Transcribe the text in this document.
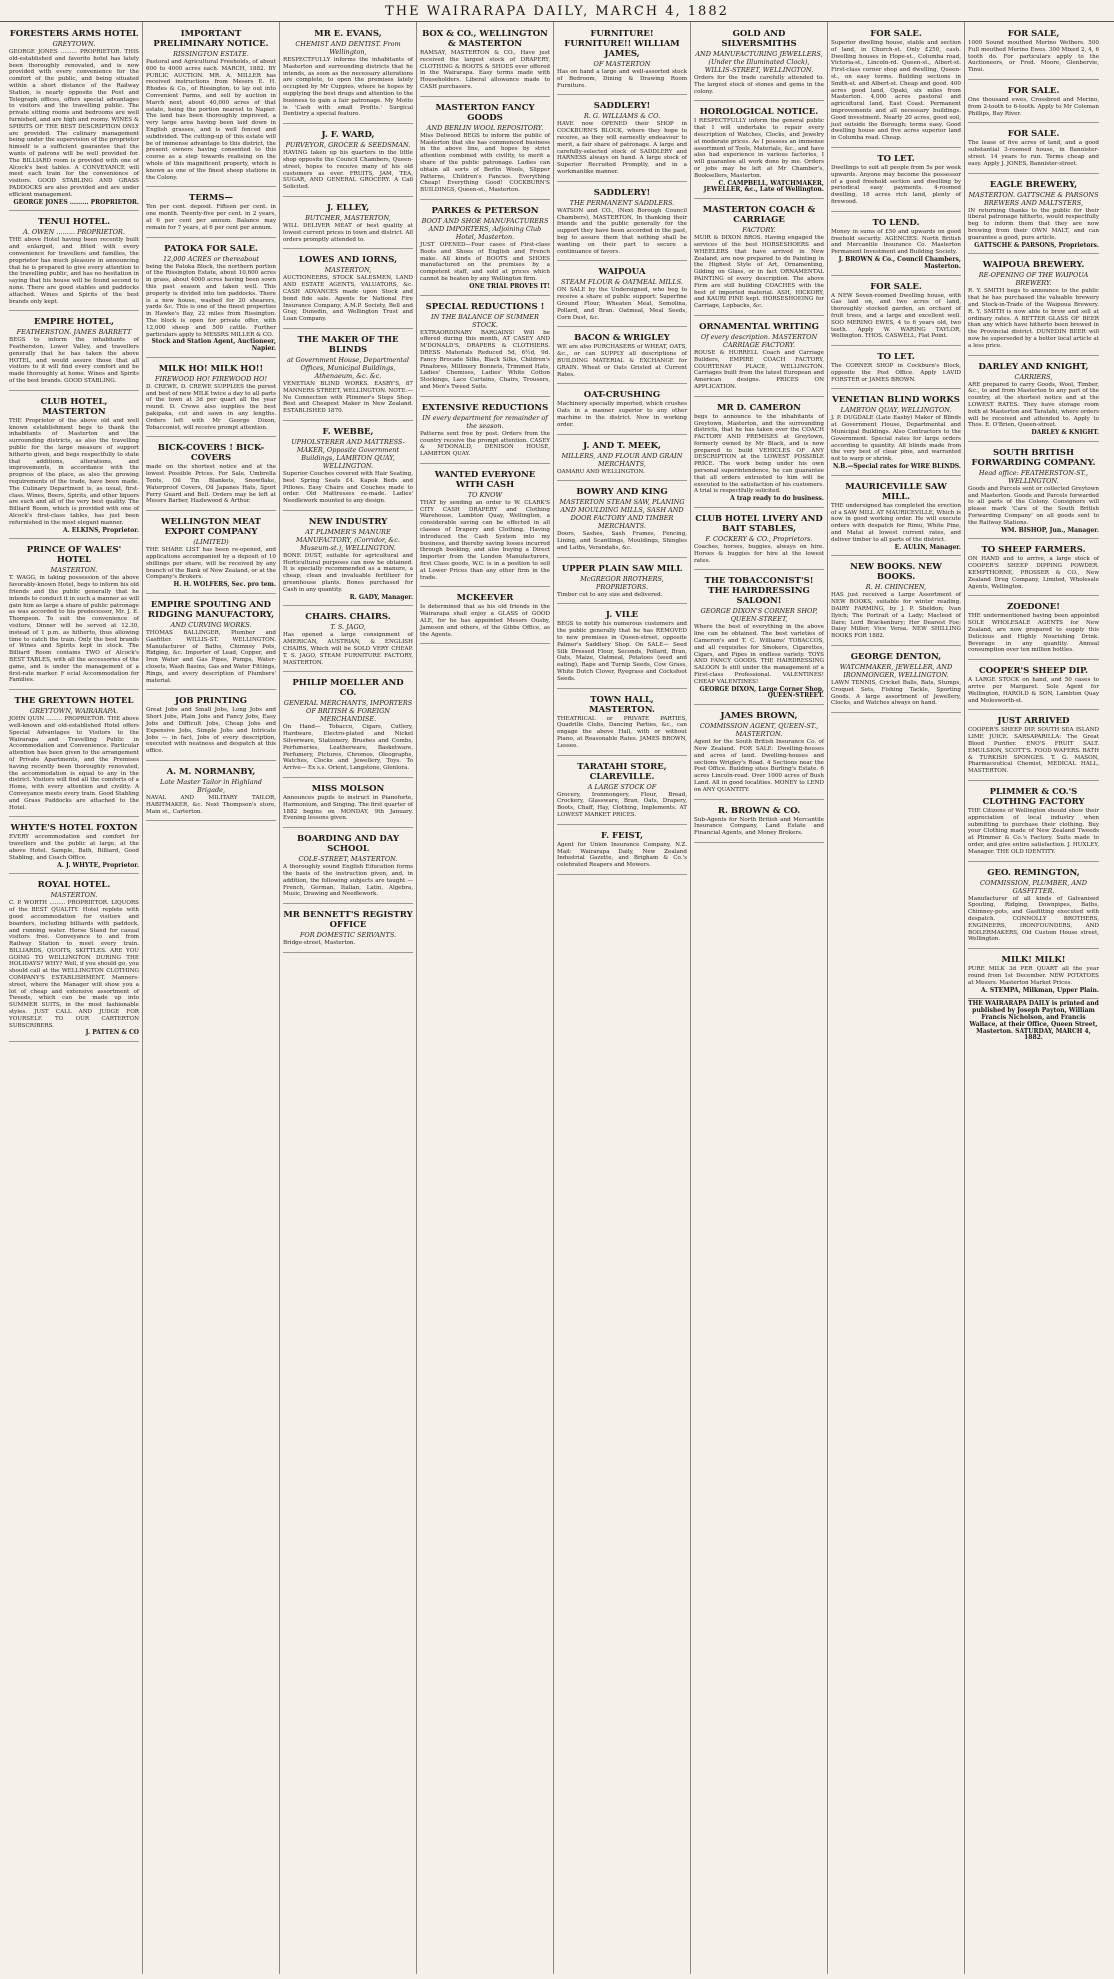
THE WAIRARAPA DAILY, MARCH 4, 1882
FORESTERS ARMS HOTEL
GREYTOWN.
GEORGE JONES ......... PROPRIETOR. THIS old-established and favorite hotel has lately been thoroughly renovated, and is now provided with every convenience for the comfort of the public, and being situated within a short distance of the Railway Station, is nearly opposite the Post and Telegraph offices, offers special advantages to visitors and the travelling public. The private sitting rooms and bedrooms are well furnished, and are high and roomy. WINES & SPIRITS OF THE BEST DESCRIPTION ONLY are provided. The culinary management being under the supervision of the proprietor himself is a sufficient guarantee that the wants of patrons will be well provided for. The BILLIARD room is provided with one of Alcock's best tables. A CONVEYANCE will meet each train for the convenience of visitors. GOOD STABLING AND GRASS PADDOCKS are also provided and are under efficient management.
GEORGE JONES ......... PROPRIETOR.
TENUI HOTEL.
A. OWEN ......... PROPRIETOR.
THE above Hotel having been recently built and enlarged, and fitted with every convenience for travellers and families, the proprietor has much pleasure in announcing that he is prepared to give every attention to the travelling public, and has no hesitation in saying that his house will be found second to none. There are good stables and paddocks attached. Wines and Spirits of the best brands only kept.
EMPIRE HOTEL,
FEATHERSTON. JAMES BARRETT
BEGS to inform the inhabitants of Featherston, Lower Valley, and travellers generally that he has taken the above HOTEL, and would assure those that all visitors to it will find every comfort and be made thoroughly at home. Wines and Spirits of the best brands. GOOD STABLING.
CLUB HOTEL, MASTERTON
THE Proprietor of the above old and well known establishment begs to thank the inhabitants of Masterton and the surrounding districts, as also the travelling public for the large measure of support hitherto given, and begs respectfully to state that additions, alterations, and improvements, in accordance with the progress of the place, as also the growing requirements of the trade, have been made. The Culinary Department is, as usual, first-class. Wines, Beers, Spirits, and other liquors are such and all of the very best quality. The Billiard Room, which is provided with one of Alcock's first-class tables, has just been refurnished in the most elegant manner.
A. ELKINS, Proprietor.
PRINCE OF WALES' HOTEL
MASTERTON.
T. WAGG, in taking possession of the above favorably-known Hotel, begs to inform his old friends and the public generally that he intends to conduct it in such a manner as will gain him as large a share of public patronage as was accorded to his predecessor, Mr. J. E. Thompson. To suit the convenience of visitors, Dinner will be served at 12.30, instead of 1 p.m. as hitherto, thus allowing time to catch the train. Only the best brands of Wines and Spirits kept in stock. The Billiard Room contains TWO of Alcock's BEST TABLES, with all the accessories of the game, and is under the management of a first-rate marker. F ecial Accommodation for Families.
THE GREYTOWN HOTEL
GREYTOWN, WAIRARAPA.
JOHN QUIN ......... PROPRIETOR. THE above well-known and old-established Hotel offers Special Advantages to Visitors to the Wairarapa and Travelling Public in Accommodation and Convenience. Particular attention has been given to the arrangement of Private Apartments, and the Premises having recently been thoroughly renovated, the accommodation is equal to any in the district. Visitors will find all the comforts of a Home, with every attention and civility. A Conveyance meets every train. Good Stabling and Grass Paddocks are attached to the Hotel.
WHYTE'S HOTEL FOXTON
EVERY accommodation and comfort for travellers and the public at large, at the above Hotel. Sample, Bath, Billiard, Good Stabling, and Coach Office.
A. J. WHYTE, Proprietor.
ROYAL HOTEL.
MASTERTON.
C. P. WORTH ......... PROPRIETOR. LIQUORS of the BEST QUALITY. Hotel replete with good accommodation for visitors and boarders, including billiards with paddock, and running water. Horse Stand for casual visitors free. Conveyance to and from Railway Station to meet every train. BILLIARDS, QUOITS, SKITTLES. ARE YOU GOING TO WELLINGTON DURING THE HOLIDAYS? WHY? Well, if you should go, you should call at the WELLINGTON CLOTHING COMPANY'S ESTABLISHMENT. Manners-street, where the Manager will show you a lot of cheap and extensive assortment of Tweeds, which can be made up into SUMMER SUITS, in the most fashionable styles. JUST CALL AND JUDGE FOR YOURSELF. TO OUR CARTERTON SUBSCRIBERS.
J. PATTEN & CO
IMPORTANT PRELIMINARY NOTICE.
RISSINGTON ESTATE.
Pastoral and Agricultural Freeholds, of about 600 to 4000 acres each. MARCH, 1882. BY PUBLIC AUCTION. MR. A. MILLER has received instructions from Messrs E. H. Rhodes & Co., of Rissington, to lay out into Convenient Farms, and sell by auction in March next, about 40,000 acres of that estate, being the portion nearest to Napier. The land has been thoroughly improved, a very large area having been laid down in English grasses, and is well fenced and subdivided. The cutting-up of this estate will be of immense advantage to this district, the present owners having consented to this course as a step towards realising on the whole of this magnificent property, which is known as one of the finest sheep stations in the Colony.
TERMS—
Ten per cent. deposit. Fifteen per cent. in one month. Twenty-five per cent. in 2 years, at 6 per cent per annum. Balance may remain for 7 years, at 6 per cent per annum.
PATOKA FOR SALE.
12,000 ACRES or thereabout
being the Patoka Block, the northern portion of the Rissington Estate, about 10,600 acres in grass, about 4000 acres having been sown this past season and taken well. This property is divided into ten paddocks. There is a new house, washed for 20 shearers, yards &c. This is one of the finest properties in Hawke's Bay, 22 miles from Rissington. The block is open for private offer, with 12,000 sheep and 500 cattle. Further particulars apply to MESSRS MILLER & CO.
Stock and Station Agent, Auctioneer, Napier.
MILK HO! MILK HO!!
FIREWOOD HO! FIREWOOD HO!
D. CREWE, D. CREWE SUPPLIES the purest and best of new MILK twice a day to all parts of the town at 3d per quart all the year round. D. Crewe also supplies the best pakipaka, cut and sawn in any lengths. Orders left with Mr George Dixon, Tobacconist, will receive prompt attention.
BICK-COVERS ! BICK-COVERS
made on the shortest notice and at the lowest Possible Prices. For Sale, Umbrella Tents, Oil Tin Blankets, Snowflake, Waterproof Covers, Oil Japanes Hats, Sport Ferry Guard and Bell. Orders may be left at Messrs Barber, Hazlewood & Arthur.
WELLINGTON MEAT EXPORT COMPANY
(LIMITED)
THE SHARE LIST has been re-opened, and applications accompanied by a deposit of 10 shillings per share, will be received by any branch of the Bank of New Zealand, or at the Company's Brokers.
H. H. WOLFERS, Sec. pro tem.
EMPIRE SPOUTING AND RIDGING MANUFACTORY,
AND CURVING WORKS.
THOMAS BALLINGER, Plumber and Gasfitter. WILLIS-ST. WELLINGTON. Manufacturer of Baths, Chimney Pots, Ridging, &c. Importer of Lead, Copper, and Iron Water and Gas Pipes, Pumps, Water-closets, Wash Basins, Gas and Water Fittings, Rings, and every description of Plumbers' material.
JOB PRINTING
Great Jobs and Small Jobs, Long Jobs and Short Jobs, Plain Jobs and Fancy Jobs, Easy Jobs and Difficult Jobs, Cheap Jobs and Expensive Jobs, Simple Jobs and Intricate Jobs — in fact, Jobs of every description, executed with neatness and despatch at this office.
A. M. NORMANBY,
Late Master Tailor in Highland Brigade,
NAVAL AND MILITARY TAILOR, HABITMAKER, &c. Next Thompson's store, Main st., Carterton.
MR E. EVANS,
CHEMIST AND DENTIST. From Wellington,
RESPECTFULLY informs the inhabitants of Masterton and surrounding districts that he intends, as soon as the necessary alterations are complete, to open the premises lately occupied by Mr Cuppies, where he hopes by supplying the best drugs and attention to the business to gain a fair patronage. My Motto is 'Cash with small Profits.' Surgical Dentistry a special feature.
J. F. WARD,
PURVEYOR, GROCER & SEEDSMAN.
HAVING taken up his quarters in the little shop opposite the Council Chambers, Queen-street, hopes to receive many of his old customers as ever. FRUITS, JAM, TEA, SUGAR, AND GENERAL GROCERY. A Call Solicited.
J. ELLEY,
BUTCHER, MASTERTON,
WILL DELIVER MEAT of best quality at lowest current prices in town and district. All orders promptly attended to.
LOWES AND IORNS,
MASTERTON,
AUCTIONEERS, STOCK SALESMEN, LAND AND ESTATE AGENTS, VALUATORS, &c. CASH ADVANCES made upon Stock and bond fide sale. Agents for National Fire Insurance Company, A.M.P. Society, Bell and Gray, Dunedin, and Wellington Trust and Loan Company.
THE MAKER OF THE BLINDS
at Government House, Departmental Offices, Municipal Buildings, Athenaeum, &c. &c.
VENETIAN BLIND WORKS. EASBY'S, 87 MANNERS STREET, WELLINGTON. NOTE.—No Connection with Plimmer's Steps Shop. Best and Cheapest Maker in New Zealand. ESTABLISHED 1870.
F. WEBBE,
UPHOLSTERER AND MATTRESS-MAKER, Opposite Government Buildings, LAMBTON QUAY, WELLINGTON.
Superior Couches covered with Hair Seating, best Spring Seats £4. Kapok Beds and Pillows. Easy Chairs and Couches made to order. Old Mattresses re-made. Ladies' Needlework mounted to any design.
NEW INDUSTRY
AT PLIMMER'S MANURE MANUFACTORY, (Corridor, &c. Museum-st.), WELLINGTON.
BONE DUST, suitable for agricultural and Horticultural purposes can now be obtained. It is specially recommended as a manure, a cheap, clean and invaluable fertilizer for greenhouse plants. Bones purchased for Cash in any quantity.
R. GADY, Manager.
CHAIRS. CHAIRS.
T. S. JAGO,
Has opened a large consignment of AMERICAN, AUSTRIAN, & ENGLISH CHAIRS, Which will be SOLD VERY CHEAP. T. S. JAGO, STEAM FURNITURE FACTORY, MASTERTON.
PHILIP MOELLER AND CO.
GENERAL MERCHANTS, IMPORTERS OF BRITISH & FOREIGN MERCHANDISE.
On Hand— Tobacco, Cigars, Cutlery, Hardware, Electro-plated and Nickel Silverware, Stationery, Brushes and Combs, Perfumeries, Leatherware, Basketware, Perfumery, Pictures, Chromos, Oleographs, Watches, Clocks and Jewellery, Toys. To Arrive— Ex s.s. Orient, Langstone, Glenlora.
MISS MOLSON
Announces pupils to instruct in Pianoforte, Harmonium, and Singing. The first quarter of 1882 begins on MONDAY, 9th January. Evening lessons given.
BOARDING AND DAY SCHOOL
COLE-STREET, MASTERTON.
A thoroughly sound English Education forms the basis of the instruction given, and, in addition, the following subjects are taught — French, German, Italian, Latin, Algebra, Music, Drawing and Needlework.
MR BENNETT'S REGISTRY OFFICE
FOR DOMESTIC SERVANTS.
Bridge-street, Masterton.
BOX & CO., WELLINGTON & MASTERTON
RAMSAY, MASTERTON & CO., Have just received the largest stock of DRAPERY, CLOTHING & BOOTS & SHOES ever offered in the Wairarapa. Easy terms made with Householders. Liberal allowance made to CASH purchasers.
MASTERTON FANCY GOODS
AND BERLIN WOOL REPOSITORY.
Miss Delwood BEGS to inform the public of Masterton that she has commenced business in the above line, and hopes by strict attention combined with civility, to merit a share of the public patronage. Ladies can obtain all sorts of Berlin Wools, Slipper Patterns, Children's Fancies. Everything Cheap! Everything Good! COCKBURN'S BUILDINGS, Queen-st., Masterton.
PARKES & PETERSON
BOOT AND SHOE MANUFACTURERS AND IMPORTERS, Adjoining Club Hotel, Masterton.
JUST OPENED—Four cases of First-class Boots and Shoes of English and French make. All kinds of BOOTS and SHOES manufactured on the premises by a competent staff, and sold at prices which cannot be beaten by any Wellington firm.
ONE TRIAL PROVES IT!
SPECIAL REDUCTIONS !
IN THE BALANCE OF SUMMER STOCK.
EXTRAORDINARY BARGAINS! Will be offered during this month, AT CASEY AND M'DONALD'S, DRAPERS & CLOTHIERS. DRESS Materials Reduced 5d, 6½d, 9d. Fancy Brocade Silks, Black Silks, Children's Pinafores, Millinery Bonnets, Trimmed Hats, Ladies' Chemises, Ladies' White Cotton Stockings, Lace Curtains, Chairs, Trousers, and Men's Tweed Suits.
EXTENSIVE REDUCTIONS
IN every department for remainder of the season.
Patterns sent free by post. Orders from the country receive the prompt attention. CASEY & M'DONALD, DENISON HOUSE, LAMBTON QUAY.
WANTED EVERYONE WITH CASH
TO KNOW
THAT by sending an order to W. CLARK'S CITY CASH DRAPERY and Clothing Warehouse, Lambton Quay, Wellington, a considerable saving can be effected in all classes of Drapery and Clothing. Having introduced the Cash System into my business, and thereby saving losses incurred through booking, and also buying a Direct Importer from the London Manufacturers, first Class goods, W.C. is in a position to sell at Lower Prices than any other firm in the trade.
MCKEEVER
Is determined that as his old friends in the Wairarapa shall enjoy a GLASS of GOOD ALE, for he has appointed Messrs Ousby, Jameson and others, of the Gibbs Office, as the Agents.
FURNITURE! FURNITURE!! WILLIAM JAMES,
OF MASTERTON
Has on hand a large and well-assorted stock of Bedroom, Dining & Drawing Room Furniture.
SADDLERY!
R. G. WILLIAMS & CO.
HAVE now OPENED their SHOP in COCKBURN'S BLOCK, where they hope to receive, as they will earnestly endeavour to merit, a fair share of patronage. A large and carefully-selected stock of SADDLERY and HARNESS always on hand. A large stock of Superior Recruited Promptly, and in a workmanlike manner.
SADDLERY!
THE PERMANENT SADDLERS.
WATSON and CO., (Next Borough Council Chambers), MASTERTON, In thanking their friends and the public generally for the support they have been accorded in the past, beg to assure them that nothing shall be wanting on their part to secure a continuance of favors.
WAIPOUA
STEAM FLOUR & OATMEAL MILLS.
ON SALE by the Undersigned, who beg to receive a share of public support: Superfine Ground Flour, Wheaten Meal, Semolina, Pollard, and Bran. Oatmeal, Meal Seeds, Corn Dust, &c.
BACON & WRIGLEY
WE are also PURCHASERS of WHEAT, OATS, &c., or can SUPPLY all descriptions of BUILDING MATERIAL & EXCHANGE for GRAIN. Wheat or Oats Gristed at Current Rates.
OAT-CRUSHING
Machinery specially imported, which crushes Oats in a manner superior to any other machine in the district. Now in working order.
J. AND T. MEEK,
MILLERS, AND FLOUR AND GRAIN MERCHANTS,
OAMARU AND WELLINGTON.
BOWRY AND KING
MASTERTON STEAM SAW, PLANING AND MOULDING MILLS, SASH AND DOOR FACTORY AND TIMBER MERCHANTS.
Doors, Sashes, Sash Frames, Fencing, Lining, and Scantlings, Mouldings, Shingles and Laths, Verandahs, &c.
UPPER PLAIN SAW MILL
McGREGOR BROTHERS, PROPRIETORS.
Timber cut to any size and delivered.
J. VILE
BEGS to notify his numerous customers and the public generally that he has REMOVED to new premises in Queen-street, opposite Palmer's Saddlery Shop. On SALE— Seed Silk Dressed Flour, Seconds, Pollard, Bran, Oats, Maize, Oatmeal, Potatoes (seed and eating), Rape and Turnip Seeds, Cow Grass, White Dutch Clover, Ryegrass and Cocksfoot Seeds.
TOWN HALL, MASTERTON.
THEATRICAL or PRIVATE PARTIES, Quadrille Clubs, Dancing Parties, &c., can engage the above Hall, with or without Piano, at Reasonable Rates. JAMES BROWN, Lessee.
TARATAHI STORE, CLAREVILLE.
A LARGE STOCK OF
Grocery, Ironmongery, Flour, Bread, Crockery, Glassware, Bran, Oats, Drapery, Boots, Chaff, Hay, Clothing, Implements. AT LOWEST MARKET PRICES.
F. FEIST,
Agent for Union Insurance Company, N.Z. Mail: Wairarapa Daily, New Zealand Industrial Gazette, and Brigham & Co.'s celebrated Reapers and Mowers.
GOLD AND SILVERSMITHS
AND MANUFACTURING JEWELLERS, (Under the Illuminated Clock), WILLIS-STREET, WELLINGTON.
Orders for the trade carefully attended to. The largest stock of stones and gems in the colony.
HOROLOGICAL NOTICE.
I RESPECTFULLY inform the general public that I will undertake to repair every description of Watches, Clocks, and Jewelry at moderate prices. As I possess an immense assortment of Tools, Materials, &c., and have also had experience in various factories, I will guarantee all work done by me. Orders or jobs may be left at Mr Chamber's, Booksellers, Masterton.
C. CAMPBELL, WATCHMAKER, JEWELLER, &c., Late of Wellington.
MASTERTON COACH & CARRIAGE
FACTORY.
MUIR & DIXON BROS. Having engaged the services of the best HORSESHOERS and WHEELERS that have arrived in New Zealand, are now prepared to do Painting in the Highest Style of Art, Ornamenting, Gilding on Glass, or in fact ORNAMENTAL PAINTING of every description. The above Firm are still building COACHES with the best of imported material. ASH, HICKORY, and KAURI PINE kept. HORSESHOEING for Carriage, Lopbacks, &c.
ORNAMENTAL WRITING
Of every description. MASTERTON CARRIAGE FACTORY.
ROUSE & HURRELL Coach and Carriage Builders, EMPIRE COACH FACTORY, COURTENAY PLACE, WELLINGTON. Carriages built from the latest European and American designs. PRICES ON APPLICATION.
MR D. CAMERON
begs to announce to the inhabitants of Greytown, Masterton, and the surrounding districts, that he has taken over the COACH FACTORY AND PREMISES at Greytown, formerly owned by Mr Black, and is now prepared to build VEHICLES OF ANY DESCRIPTION at the LOWEST POSSIBLE PRICE. The work being under his own personal superintendence, he can guarantee that all orders entrusted to him will be executed to the satisfaction of his customers. A trial is respectfully solicited.
A trap ready to do business.
CLUB HOTEL LIVERY AND BAIT STABLES,
F. COCKERY & CO., Proprietors.
Coaches, horses, buggies, always on hire. Horses & buggies for hire at the lowest rates.
THE TOBACCONIST'S! THE HAIRDRESSING SALOON!
GEORGE DIXON'S CORNER SHOP, QUEEN-STREET,
Where the best of everything in the above line can be obtained. The best varieties of Cameron's and T. C. Williams' TOBACCOS, and all requisites for Smokers, Cigarettes, Cigars, and Pipes in endless variety. TOYS AND FANCY GOODS. THE HAIRDRESSING SALOON Is still under the management of a First-class Professional. VALENTINES! CHEAP VALENTINES!
GEORGE DIXON, Large Corner Shop, QUEEN-STREET.
JAMES BROWN,
COMMISSION AGENT, QUEEN-ST., MASTERTON.
Agent for the South British Insurance Co. of New Zealand. FOR SALE: Dwelling-houses and acres of land. Dwelling-houses and sections Wrigley's Road. 4 Sections near the Post Office. Building sites Burling's Estate. 6 acres Lincoln-road. Over 1000 acres of Bush Land. All in good localities. MONEY to LEND on ANY QUANTITY.
R. BROWN & CO.
Sub-Agents for North British and Mercantile Insurance Company, Land Estate and Financial Agents, and Money Brokers.
FOR SALE.
Superior dwelling house, stable and section of land, in Church-st. Only £250, cash. Dwelling houses in Hope-st., Columba road, Victoria-st., Lincoln-rd. Queen-st., Albert-st. First-class corner shop and dwelling, Queen-st., on easy terms. Building sections in Smith-st. and Albert-st. Cheap and good. 400 acres good land, Opaki, six miles from Masterton. 4,000 acres pastoral and agricultural land, East Coast. Permanent improvements and all necessary buildings. Good investment. Nearly 20 acres, good soil, just outside the Borough; terms easy. Good dwelling house and five acres superior land in Columba road. Cheap.
TO LET.
Dwellings to suit all people from 5s per week upwards. Anyone may become the possessor of a good freehold section and dwelling by periodical easy payments. 4-roomed dwelling, 18 acres rich land, plenty of firewood.
TO LEND.
Money in sums of £50 and upwards on good freehold security. AGENCIES: North British and Mercantile Insurance Co. Masterton Permanent Investment and Building Society.
J. BROWN & Co., Council Chambers, Masterton.
FOR SALE.
A NEW Seven-roomed Dwelling house, with Gas laid on, and two acres of land, thoroughly stocked garden, an orchard of fruit trees, and a large and excellent well. SOO MERINO EWES, 4 to 6 years old, two teeth. Apply W. WARING TAYLOR, Wellington. THOS. CASWELL, Flat Point.
TO LET.
The CORNER SHOP in Cockburn's Block, opposite the Post Office. Apply LAVID FORSTER or JAMES BROWN.
VENETIAN BLIND WORKS
LAMBTON QUAY, WELLINGTON.
J. P. DUGDALE (Late Easby) Maker of Blinds at Government House, Departmental and Municipal Buildings. Also Contractors to the Government. Special rates for large orders according to quantity. All blinds made from the very best of clear pine, and warranted not to warp or shrink.
N.B.—Special rates for WIRE BLINDS.
MAURICEVILLE SAW MILL.
THE undersigned has completed the erection of a SAW MILL AT MAURICEVILLE, Which is now in good working order. He will execute orders with despatch for Rimu, White Pine, and Matai at lowest current rates, and deliver timber to all parts of the district.
E. AULIN, Manager.
NEW BOOKS. NEW BOOKS.
R. H. CHINCHEN,
HAS just received a Large Assortment of NEW BOOKS, suitable for winter reading. DAIRY FARMING, by J. P. Sheldon; Ivan Ilyich; The Portrait of a Lady; Macleod of Dare; Lord Brackenbury; Her Dearest Foe; Daisy Miller; Vice Versa. NEW SHILLING BOOKS FOR 1882.
GEORGE DENTON,
WATCHMAKER, JEWELLER, AND IRONMONGER, WELLINGTON.
LAWN TENNIS, Cricket Balls, Bats, Stumps, Croquet Sets, Fishing Tackle, Sporting Goods. A large assortment of Jewellery, Clocks, and Watches always on hand.
FOR SALE,
1000 Sound mouthed Merino Wethers. 500 Full mouthed Merino Ewes. 300 Mixed 2, 4, 6 tooth do. For particulars apply to the Auctioneers, or Fred. Moore, Glenbervie, Tinui.
FOR SALE.
One thousand ewes, Crossbred and Merino, from 2-tooth to 6-tooth. Apply to Mr Coleman Phillips, Bay River.
FOR SALE.
The lease of five acres of land, and a good substantial 3-roomed house, in Bannister-street. 14 years to run. Terms cheap and easy. Apply J. JONES, Bannister-street.
EAGLE BREWERY,
MASTERTON. GATTSCHE & PARSONS BREWERS AND MALTSTERS,
IN returning thanks to the public for their liberal patronage hitherto, would respectfully beg to inform them that they are now brewing from their OWN MALT, and can guarantee a good, pure article.
GATTSCHE & PARSONS, Proprietors.
WAIPOUA BREWERY.
RE-OPENING OF THE WAIPOUA BREWERY.
R. Y. SMITH begs to announce to the public that he has purchased the valuable brewery and Stock-in-Trade of the Waipoua Brewery. R. Y. SMITH is now able to brew and sell at ordinary rates. A BETTER GLASS OF BEER than any which have hitherto been brewed in the Provincial district. DUNEDIN BEER will now be superseded by a better local article at a less price.
DARLEY AND KNIGHT,
CARRIERS,
ARE prepared to carry Goods, Wool, Timber, &c., to and from Masterton to any part of the country, at the shortest notice and at the LOWEST RATES. They have storage room both at Masterton and Taratahi, where orders will be received and attended to. Apply to Thos. E. O'Brien, Queen-street.
DARLEY & KNIGHT.
SOUTH BRITISH FORWARDING COMPANY.
Head office: FEATHERSTON-ST., WELLINGTON.
Goods and Parcels sent or collected Greytown and Masterton. Goods and Parcels forwarded to all parts of the Colony. Consignors will please mark 'Care of the South British Forwarding Company' on all goods sent to the Railway Stations.
WM. BISHOP, Jun., Manager.
TO SHEEP FARMERS.
ON HAND and to arrive, a large stock of COOPER'S SHEEP DIPPING POWDER. KEMPTHORNE, PROSSER & CO., New Zealand Drug Company, Limited, Wholesale Agents, Wellington.
ZOEDONE!
THE undermentioned having been appointed SOLE WHOLESALE AGENTS for New Zealand, are now prepared to supply this Delicious and Highly Nourishing Drink. Beverage in any quantity. Annual consumption over ten million bottles.
COOPER'S SHEEP DIP.
A LARGE STOCK on hand, and 50 cases to arrive per Margaret. Sole Agent for Wellington, HAROLD & SON, Lambton Quay and Molesworth-st.
JUST ARRIVED
COOPER'S SHEEP DIP. SOUTH SEA ISLAND LIME JUICE. SARSAPARILLA: The Great Blood Purifier. ENO'S FRUIT SALT. EMULSION, SCOTT'S. FOOD WAFERS. BATH & TURKISH SPONGES. T. G. MASON, Pharmaceutical Chemist, MEDICAL HALL, MASTERTON.
PLIMMER & CO.'S CLOTHING FACTORY
THE Citizens of Wellington should show their appreciation of local industry when submitting to purchase their clothing. Buy your Clothing made of New Zealand Tweeds at Plimmer & Co.'s Factory. Suits made to order, and give entire satisfaction. J. HUXLEY, Manager. THE OLD IDENTITY.
GEO. REMINGTON,
COMMISSION, PLUMBER, AND GASFITTER.
Manufacturer of all kinds of Galvanised Spouting, Ridging, Downpipes, Baths, Chimney-pots, and Gasfitting executed with despatch. CONNOLLY BROTHERS, ENGINEERS, IRONFOUNDERS, AND BOILERMAKERS, Old Custom House street, Wellington.
MILK! MILK!
PURE MILK 3d PER QUART all the year round from 1st December. NEW POTATOES at Messrs. Masterton Market Prices.
A. STEMPA, Milkman, Upper Plain.
THE WAIRARAPA DAILY is printed and published by Joseph Payton, William Francis Nicholson, and Francis Wallace, at their Office, Queen Street, Masterton. SATURDAY, MARCH 4, 1882.
